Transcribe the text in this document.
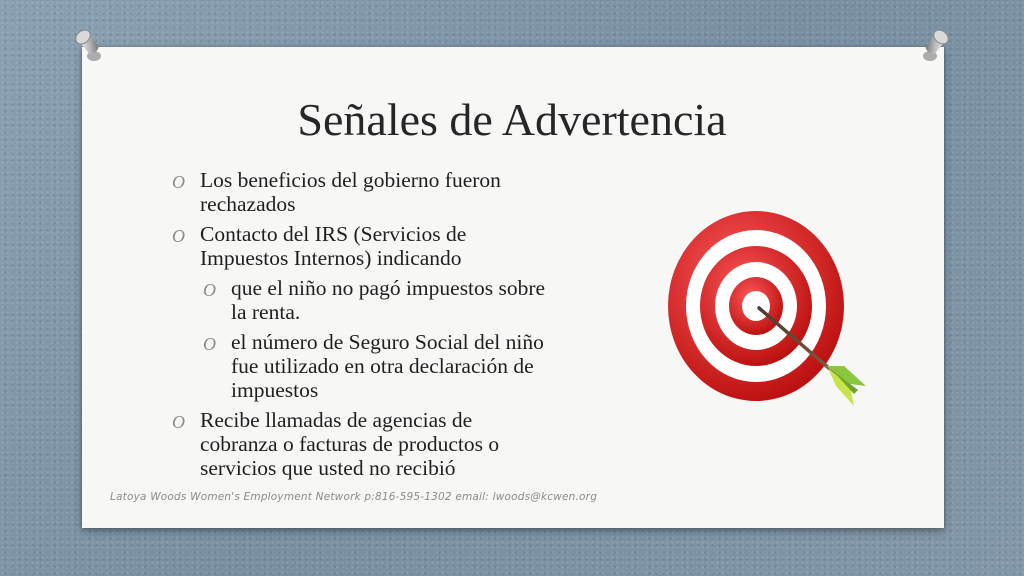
Señales de Advertencia
O Los beneficios del gobierno fueron rechazados
O Contacto del IRS (Servicios de Impuestos Internos) indicando
O que el niño no pagó impuestos sobre la renta.
O el número de Seguro Social del niño fue utilizado en otra declaración de impuestos
O Recibe llamadas de agencias de cobranza o facturas de productos o servicios que usted no recibió
Latoya Woods Women's Employment Network p:816-595-1302 email: lwoods@kcwen.org
